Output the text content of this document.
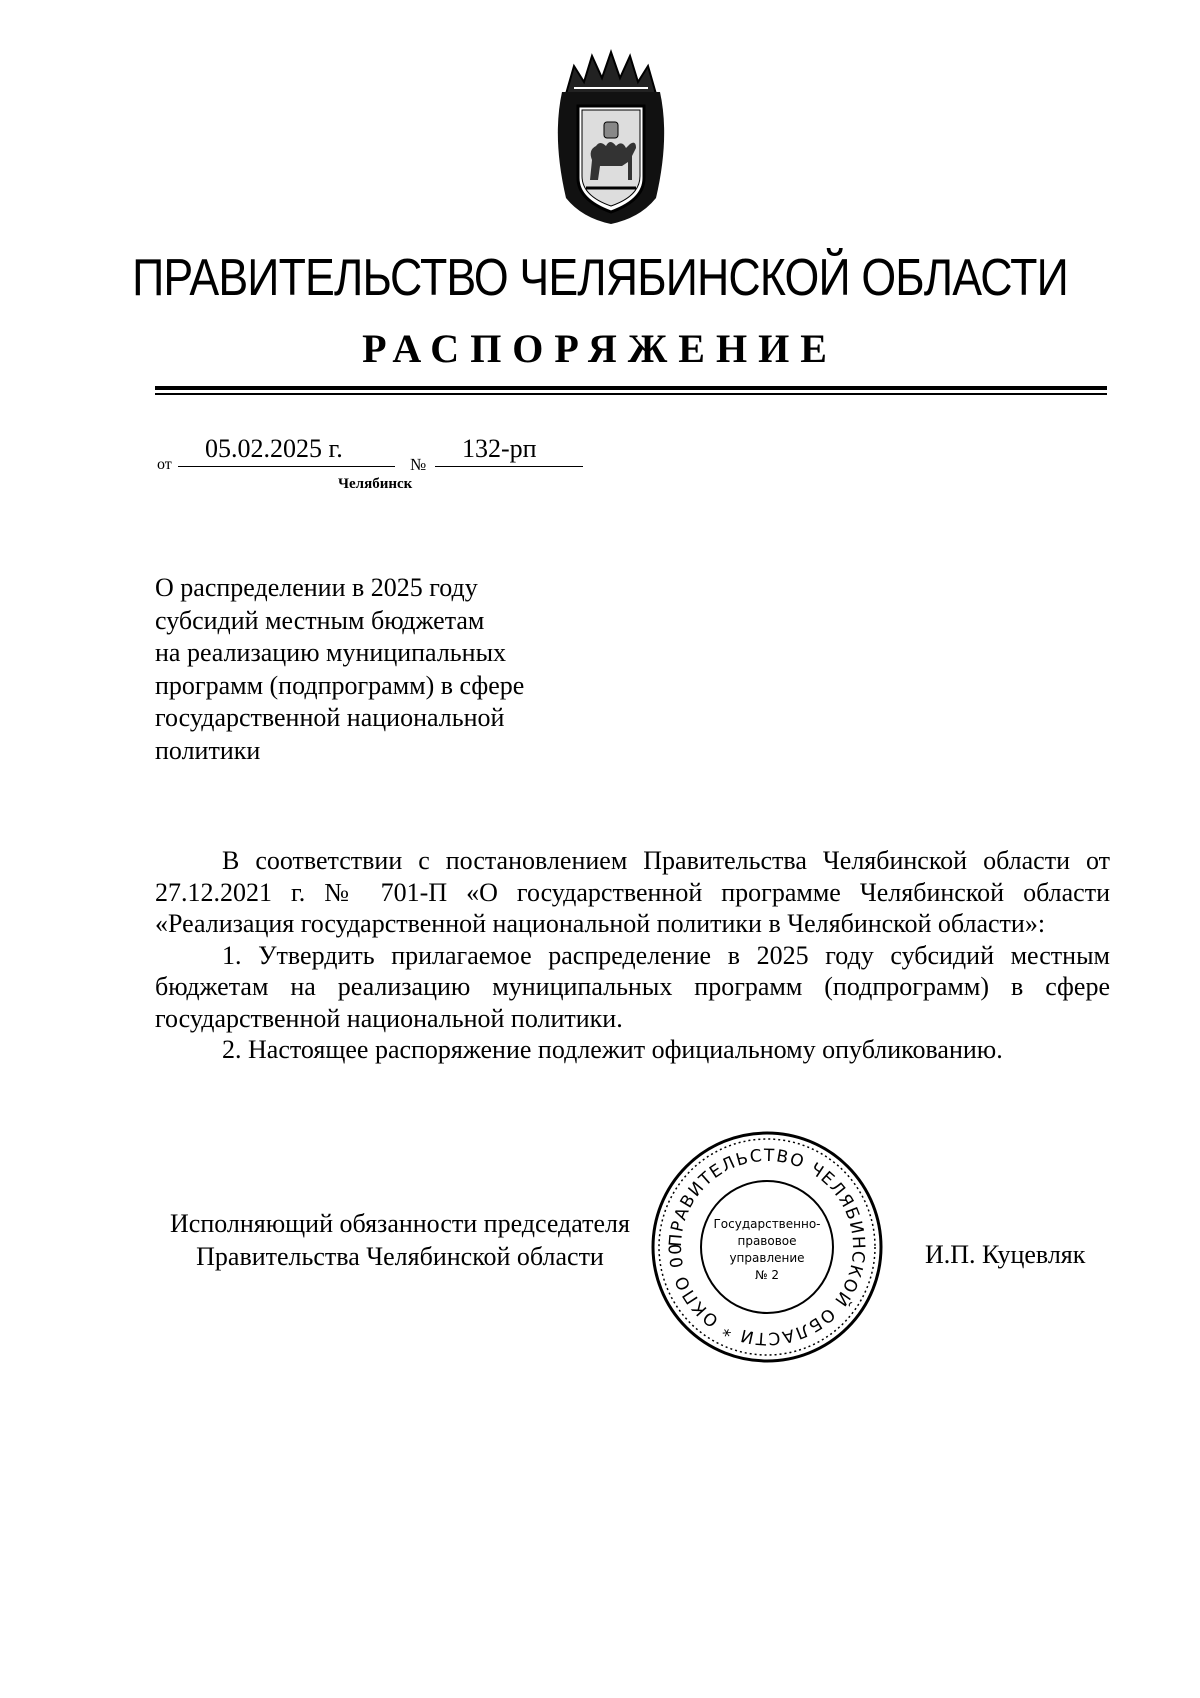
ПРАВИТЕЛЬСТВО ЧЕЛЯБИНСКОЙ ОБЛАСТИ
РАСПОРЯЖЕНИЕ
от
05.02.2025 г.
№
132-рп
Челябинск
О распределении в 2025 году
субсидий местным бюджетам
на реализацию муниципальных
программ (подпрограмм) в сфере
государственной национальной
политики

В соответствии с постановлением Правительства Челябинской области от 27.12.2021 г. № 701-П «О государственной программе Челябинской области «Реализация государственной национальной политики в Челябинской области»:

1. Утвердить прилагаемое распределение в 2025 году субсидий местным бюджетам на реализацию муниципальных программ (подпрограмм) в сфере государственной национальной политики.

2. Настоящее распоряжение подлежит официальному опубликованию.

Исполняющий обязанности председателя
Правительства Челябинской области	И.П. Куцевляк
ПРАВИТЕЛЬСТВО ЧЕЛЯБИНСКОЙ ОБЛАСТИ * ОКПО 00
Государственно-
правовое
управление
№ 2
